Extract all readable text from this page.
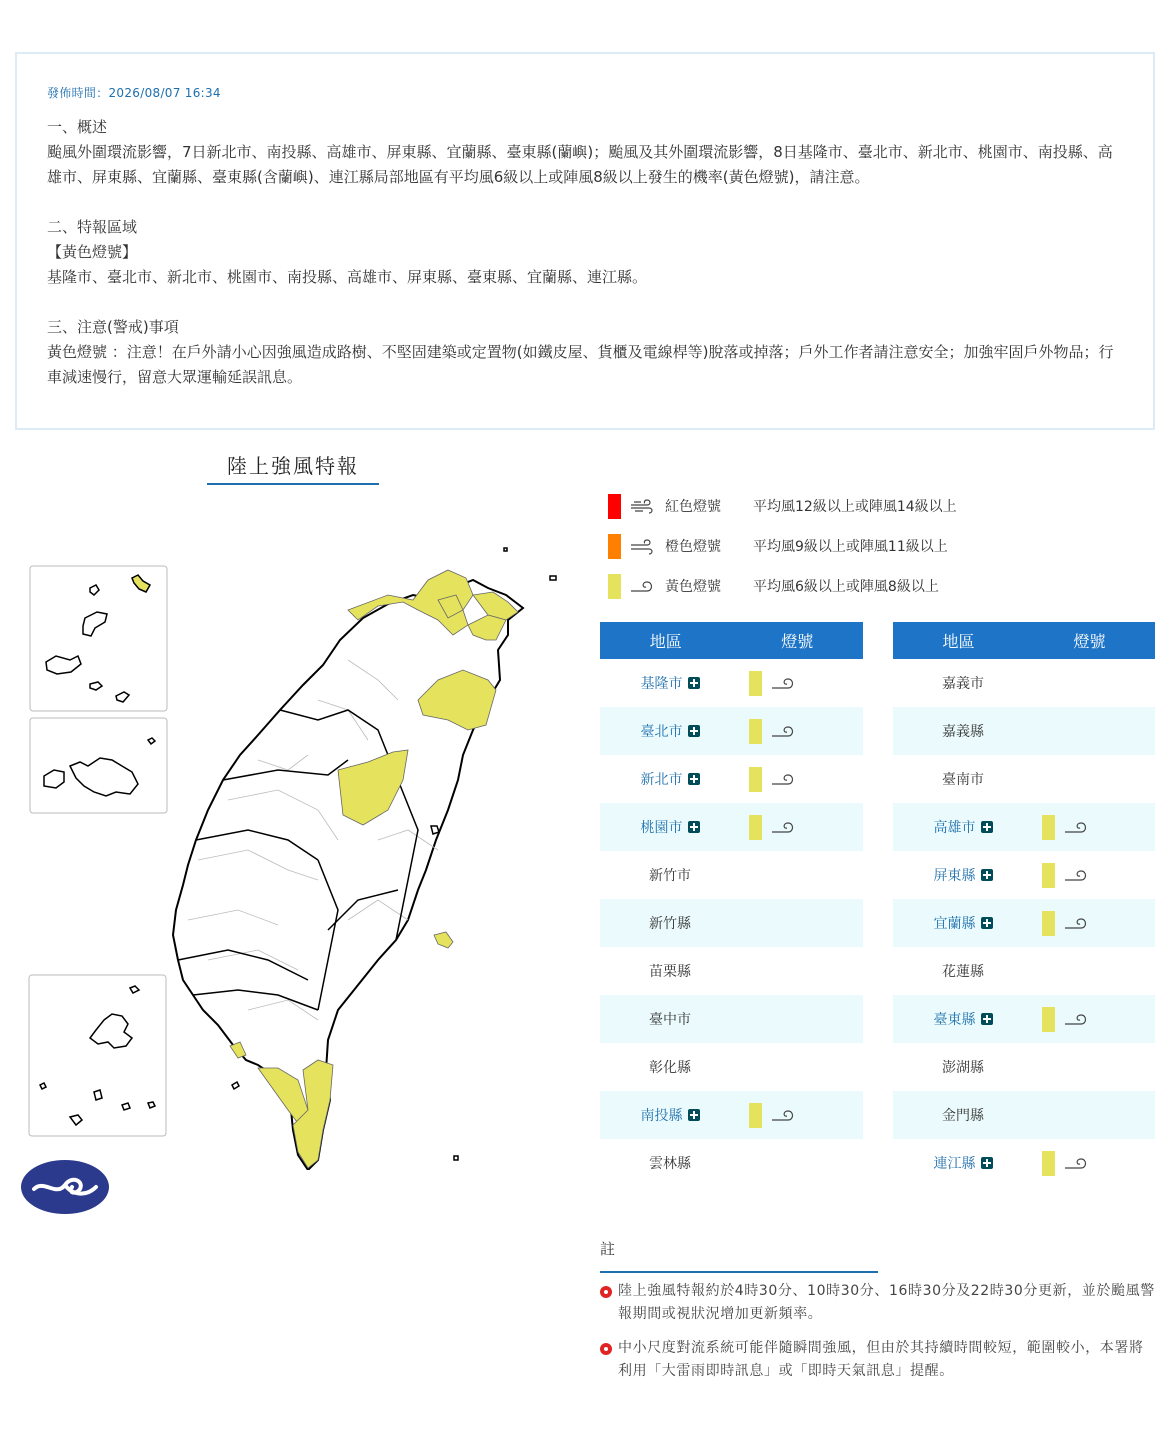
發佈時間：2026/08/07 16:34
一、概述
颱風外圍環流影響，7日新北市、南投縣、高雄市、屏東縣、宜蘭縣、臺東縣(蘭嶼)；颱風及其外圍環流影響，8日基隆市、臺北市、新北市、桃園市、南投縣、高雄市、屏東縣、宜蘭縣、臺東縣(含蘭嶼)、連江縣局部地區有平均風6級以上或陣風8級以上發生的機率(黃色燈號)，請注意。
二、特報區域
【黃色燈號】
基隆市、臺北市、新北市、桃園市、南投縣、高雄市、屏東縣、臺東縣、宜蘭縣、連江縣。
三、注意(警戒)事項
黃色燈號 ：注意！在戶外請小心因強風造成路樹、不堅固建築或定置物(如鐵皮屋、貨櫃及電線桿等)脫落或掉落；戶外工作者請注意安全；加強牢固戶外物品；行車減速慢行，留意大眾運輸延誤訊息。
陸上強風特報
紅色燈號	平均風12級以上或陣風14級以上
橙色燈號	平均風9級以上或陣風11級以上
黃色燈號	平均風6級以上或陣風8級以上
地區	燈號
基隆市
臺北市
新北市
桃園市
新竹市
新竹縣
苗栗縣
臺中市
彰化縣
南投縣
雲林縣
地區	燈號
嘉義市
嘉義縣
臺南市
高雄市
屏東縣
宜蘭縣
花蓮縣
臺東縣
澎湖縣
金門縣
連江縣
註
陸上強風特報約於4時30分、10時30分、16時30分及22時30分更新，並於颱風警報期間或視狀況增加更新頻率。
中小尺度對流系統可能伴隨瞬間強風，但由於其持續時間較短，範圍較小，本署將利用「大雷雨即時訊息」或「即時天氣訊息」提醒。
